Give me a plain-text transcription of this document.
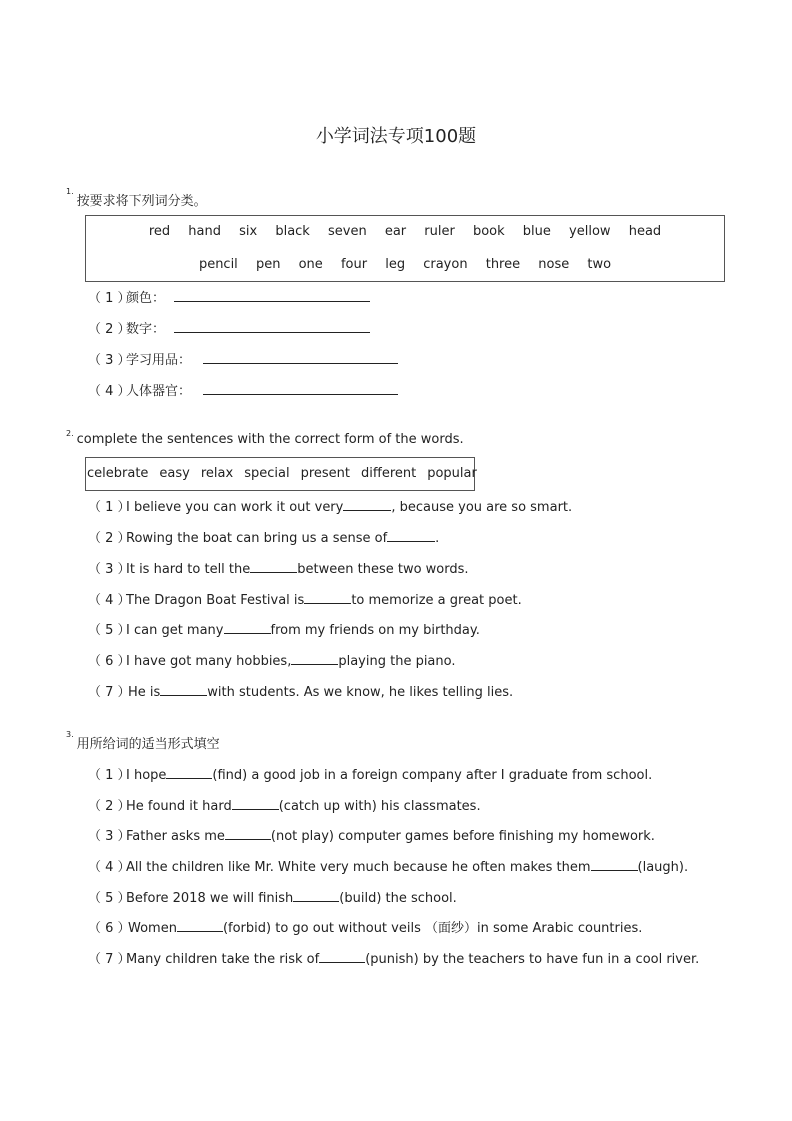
小学词法专项100题
$^{1.}$按要求将下列词分类。
red hand six black seven ear ruler book blue yellow head
pencil pen one four leg crayon three nose two
（ 1 ）颜色：
（ 2 ）数字：
（ 3 ）学习用品：
（ 4 ）人体器官：
$^{2.}$ complete the sentences with the correct form of the words.
celebrate easy relax special present different popular
（ 1 ）I believe you can work it out very	, because you are so smart.
（ 2 ）Rowing the boat can bring us a sense of	.
（ 3 ）It is hard to tell the	between these two words.
（ 4 ）The Dragon Boat Festival is	to memorize a great poet.
（ 5 ）I can get many	from my friends on my birthday.
（ 6 ）I have got many hobbies,	playing the piano.
（ 7 ）He is	with students. As we know, he likes telling lies.
$^{3.}$用所给词的适当形式填空
（ 1 ）I hope	(find) a good job in a foreign company after I graduate from school.
（ 2 ）He found it hard	(catch up with) his classmates.
（ 3 ）Father asks me	(not play) computer games before finishing my homework.
（ 4 ）All the children like Mr. White very much because he often makes them	(laugh).
（ 5 ）Before 2018 we will finish	(build) the school.
（ 6 ）Women	(forbid) to go out without veils （面纱）in some Arabic countries.
（ 7 ）Many children take the risk of	(punish) by the teachers to have fun in a cool river.
